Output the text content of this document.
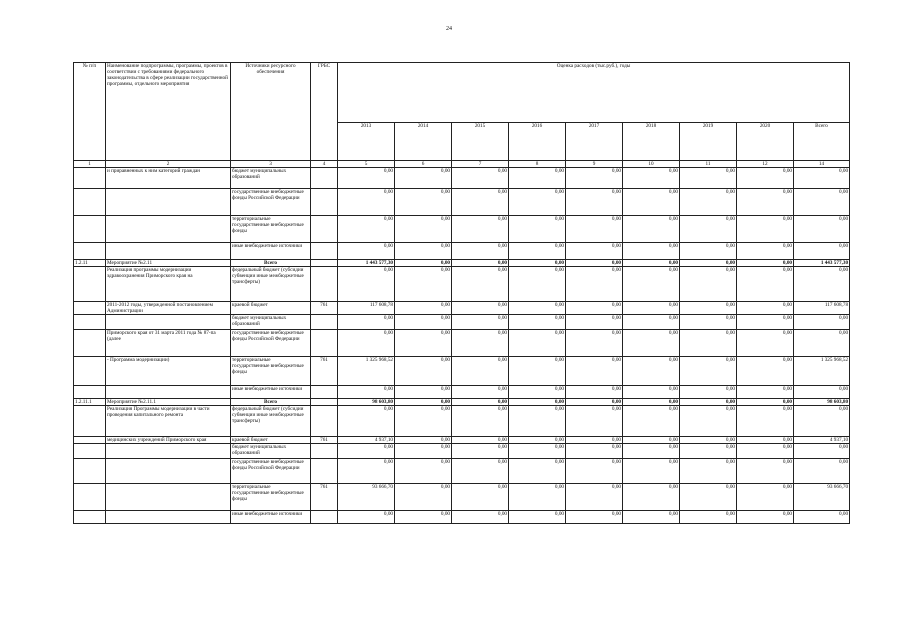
24
№ п/п	Наименование подпрограммы, программы, проектов в соответствии с требованиями федерального законодательства в сфере реализации государственной программы, отдельного мероприятия	Источники ресурсного обеспечения	ГРБС	Оценка расходов (тыс.руб.), годы								
				2013	2014	2015	2016	2017	2018	2019	2020	Всего
1	2	3	4	5	6	7	8	9	10	11	12	14
	и приравненных к ним категорий граждан	бюджет муниципальных образований		0,00	0,00	0,00	0,00	0,00	0,00	0,00	0,00	0,00
		государственные внебюджетные фонды Российской Федерации		0,00	0,00	0,00	0,00	0,00	0,00	0,00	0,00	0,00
		территориальные государственные внебюджетные фонды		0,00	0,00	0,00	0,00	0,00	0,00	0,00	0,00	0,00
		иные внебюджетные источники		0,00	0,00	0,00	0,00	0,00	0,00	0,00	0,00	0,00
1.2.11	Мероприятие №2.11	Всего		1 443 577,30	0,00	0,00	0,00	0,00	0,00	0,00	0,00	1 443 577,30
	Реализация программы модернизации здравоохранения Приморского края на	федеральный бюджет (субсидии субвенции иные межбюджетные трансферты)		0,00	0,00	0,00	0,00	0,00	0,00	0,00	0,00	0,00
	2011-2012 годы, утвержденной постановлением Администрации	краевой бюджет	761	117 608,78	0,00	0,00	0,00	0,00	0,00	0,00	0,00	117 608,78
		бюджет муниципальных образований		0,00	0,00	0,00	0,00	0,00	0,00	0,00	0,00	0,00
	Приморского края от 31 марта 2011 года № 87-па (далее	государственные внебюджетные фонды Российской Федерации		0,00	0,00	0,00	0,00	0,00	0,00	0,00	0,00	0,00
	- Программа модернизации)	территориальные государственные внебюджетные фонды	761	1 325 968,52	0,00	0,00	0,00	0,00	0,00	0,00	0,00	1 325 968,52
		иные внебюджетные источники		0,00	0,00	0,00	0,00	0,00	0,00	0,00	0,00	0,00
1.2.11.1	Мероприятие №2.11.1	Всего		98 603,80	0,00	0,00	0,00	0,00	0,00	0,00	0,00	98 603,80
	Реализация Программы модернизации в части проведения капитального ремонта	федеральный бюджет (субсидии субвенции иные межбюджетные трансферты)		0,00	0,00	0,00	0,00	0,00	0,00	0,00	0,00	0,00
	медицинских учреждений Приморского края	краевой бюджет	761	4 937,10	0,00	0,00	0,00	0,00	0,00	0,00	0,00	4 937,10
		бюджет муниципальных образований		0,00	0,00	0,00	0,00	0,00	0,00	0,00	0,00	0,00
		государственные внебюджетные фонды Российской Федерации		0,00	0,00	0,00	0,00	0,00	0,00	0,00	0,00	0,00
		территориальные государственные внебюджетные фонды	761	93 666,70	0,00	0,00	0,00	0,00	0,00	0,00	0,00	93 666,70
		иные внебюджетные источники		0,00	0,00	0,00	0,00	0,00	0,00	0,00	0,00	0,00
